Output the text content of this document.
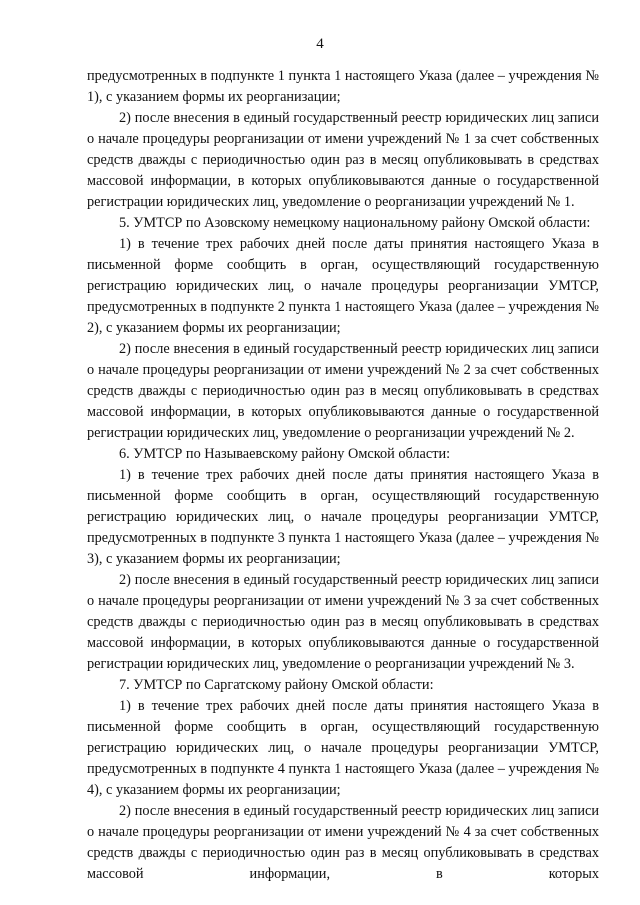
4

предусмотренных в подпункте 1 пункта 1 настоящего Указа (далее – учреждения № 1), с указанием формы их реорганизации;

2) после внесения в единый государственный реестр юридических лиц записи о начале процедуры реорганизации от имени учреждений № 1 за счет собственных средств дважды с периодичностью один раз в месяц опубликовывать в средствах массовой информации, в которых опубликовываются данные о государственной регистрации юридических лиц, уведомление о реорганизации учреждений № 1.

5. УМТСР по Азовскому немецкому национальному району Омской области:

1) в течение трех рабочих дней после даты принятия настоящего Указа в письменной форме сообщить в орган, осуществляющий государственную регистрацию юридических лиц, о начале процедуры реорганизации УМТСР, предусмотренных в подпункте 2 пункта 1 настоящего Указа (далее – учреждения № 2), с указанием формы их реорганизации;

2) после внесения в единый государственный реестр юридических лиц записи о начале процедуры реорганизации от имени учреждений № 2 за счет собственных средств дважды с периодичностью один раз в месяц опубликовывать в средствах массовой информации, в которых опубликовываются данные о государственной регистрации юридических лиц, уведомление о реорганизации учреждений № 2.

6. УМТСР по Называевскому району Омской области:

1) в течение трех рабочих дней после даты принятия настоящего Указа в письменной форме сообщить в орган, осуществляющий государственную регистрацию юридических лиц, о начале процедуры реорганизации УМТСР, предусмотренных в подпункте 3 пункта 1 настоящего Указа (далее – учреждения № 3), с указанием формы их реорганизации;

2) после внесения в единый государственный реестр юридических лиц записи о начале процедуры реорганизации от имени учреждений № 3 за счет собственных средств дважды с периодичностью один раз в месяц опубликовывать в средствах массовой информации, в которых опубликовываются данные о государственной регистрации юридических лиц, уведомление о реорганизации учреждений № 3.

7. УМТСР по Саргатскому району Омской области:

1) в течение трех рабочих дней после даты принятия настоящего Указа в письменной форме сообщить в орган, осуществляющий государственную регистрацию юридических лиц, о начале процедуры реорганизации УМТСР, предусмотренных в подпункте 4 пункта 1 настоящего Указа (далее – учреждения № 4), с указанием формы их реорганизации;

2) после внесения в единый государственный реестр юридических лиц записи о начале процедуры реорганизации от имени учреждений № 4 за счет собственных средств дважды с периодичностью один раз в месяц опубликовывать в средствах массовой информации, в которых
